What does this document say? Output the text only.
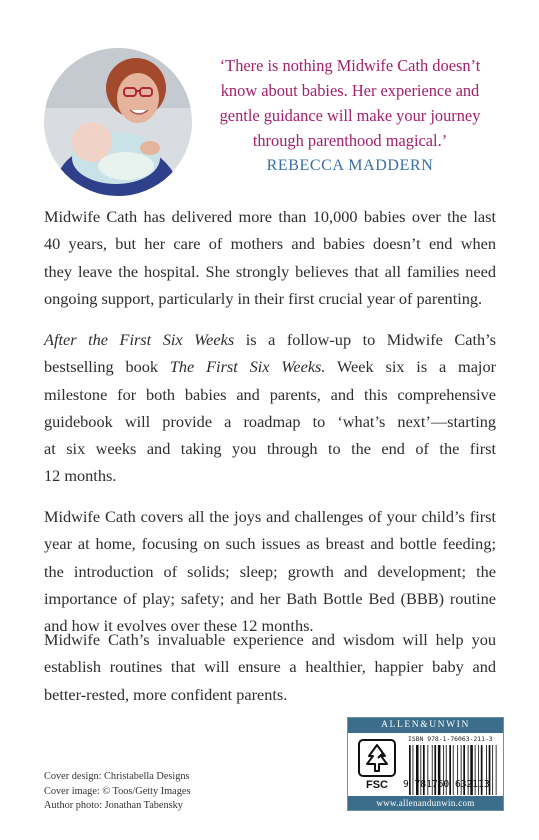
‘There is nothing Midwife Cath doesn’t
know about babies. Her experience and
gentle guidance will make your journey
through parenthood magical.’
REBECCA MADDERN
Midwife Cath has delivered more than 10,000 babies over the last
40 years, but her care of mothers and babies doesn’t end when
they leave the hospital. She strongly believes that all families need
ongoing support, particularly in their first crucial year of parenting.
After the First Six Weeks is a follow-up to Midwife Cath’s
bestselling book The First Six Weeks. Week six is a major
milestone for both babies and parents, and this comprehensive
guidebook will provide a roadmap to ‘what’s next’—starting
at six weeks and taking you through to the end of the first
12 months.
Midwife Cath covers all the joys and challenges of your child’s first
year at home, focusing on such issues as breast and bottle feeding;
the introduction of solids; sleep; growth and development; the
importance of play; safety; and her Bath Bottle Bed (BBB) routine
and how it evolves over these 12 months.
Midwife Cath’s invaluable experience and wisdom will help you
establish routines that will ensure a healthier, happier baby and
better-rested, more confident parents.
Cover design: Christabella Designs
Cover image: © Toos/Getty Images
Author photo: Jonathan Tabensky
ALLEN&UNWIN
ISBN 978-1-76063-211-3
FSC 9 781760 632113
www.allenandunwin.com
